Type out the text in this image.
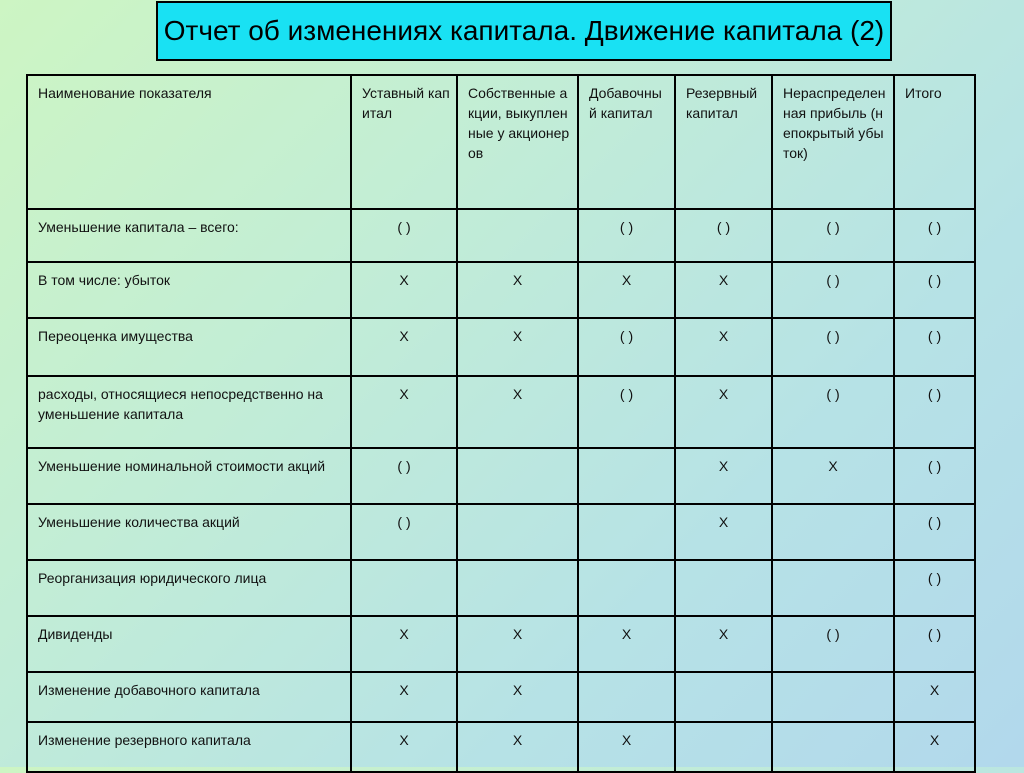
Отчет об изменениях капитала. Движение капитала (2)
Наименование показателя	Уставный капитал	Собственные акции, выкупленные у акционеров	Добавочный капитал	Резервный капитал	Нераспределенная прибыль (непокрытый убыток)	Итого
Уменьшение капитала – всего:	( )		( )	( )	( )	( )
В том числе: убыток	Х	Х	Х	Х	( )	( )
Переоценка имущества	Х	Х	( )	Х	( )	( )
расходы, относящиеся непосредственно на уменьшение капитала	Х	Х	( )	Х	( )	( )
Уменьшение номинальной стоимости акций	( )			Х	Х	( )
Уменьшение количества акций	( )			Х		( )
Реорганизация юридического лица						( )
Дивиденды	Х	Х	Х	Х	( )	( )
Изменение добавочного капитала	Х	Х				Х
Изменение резервного капитала	Х	Х	Х			Х
